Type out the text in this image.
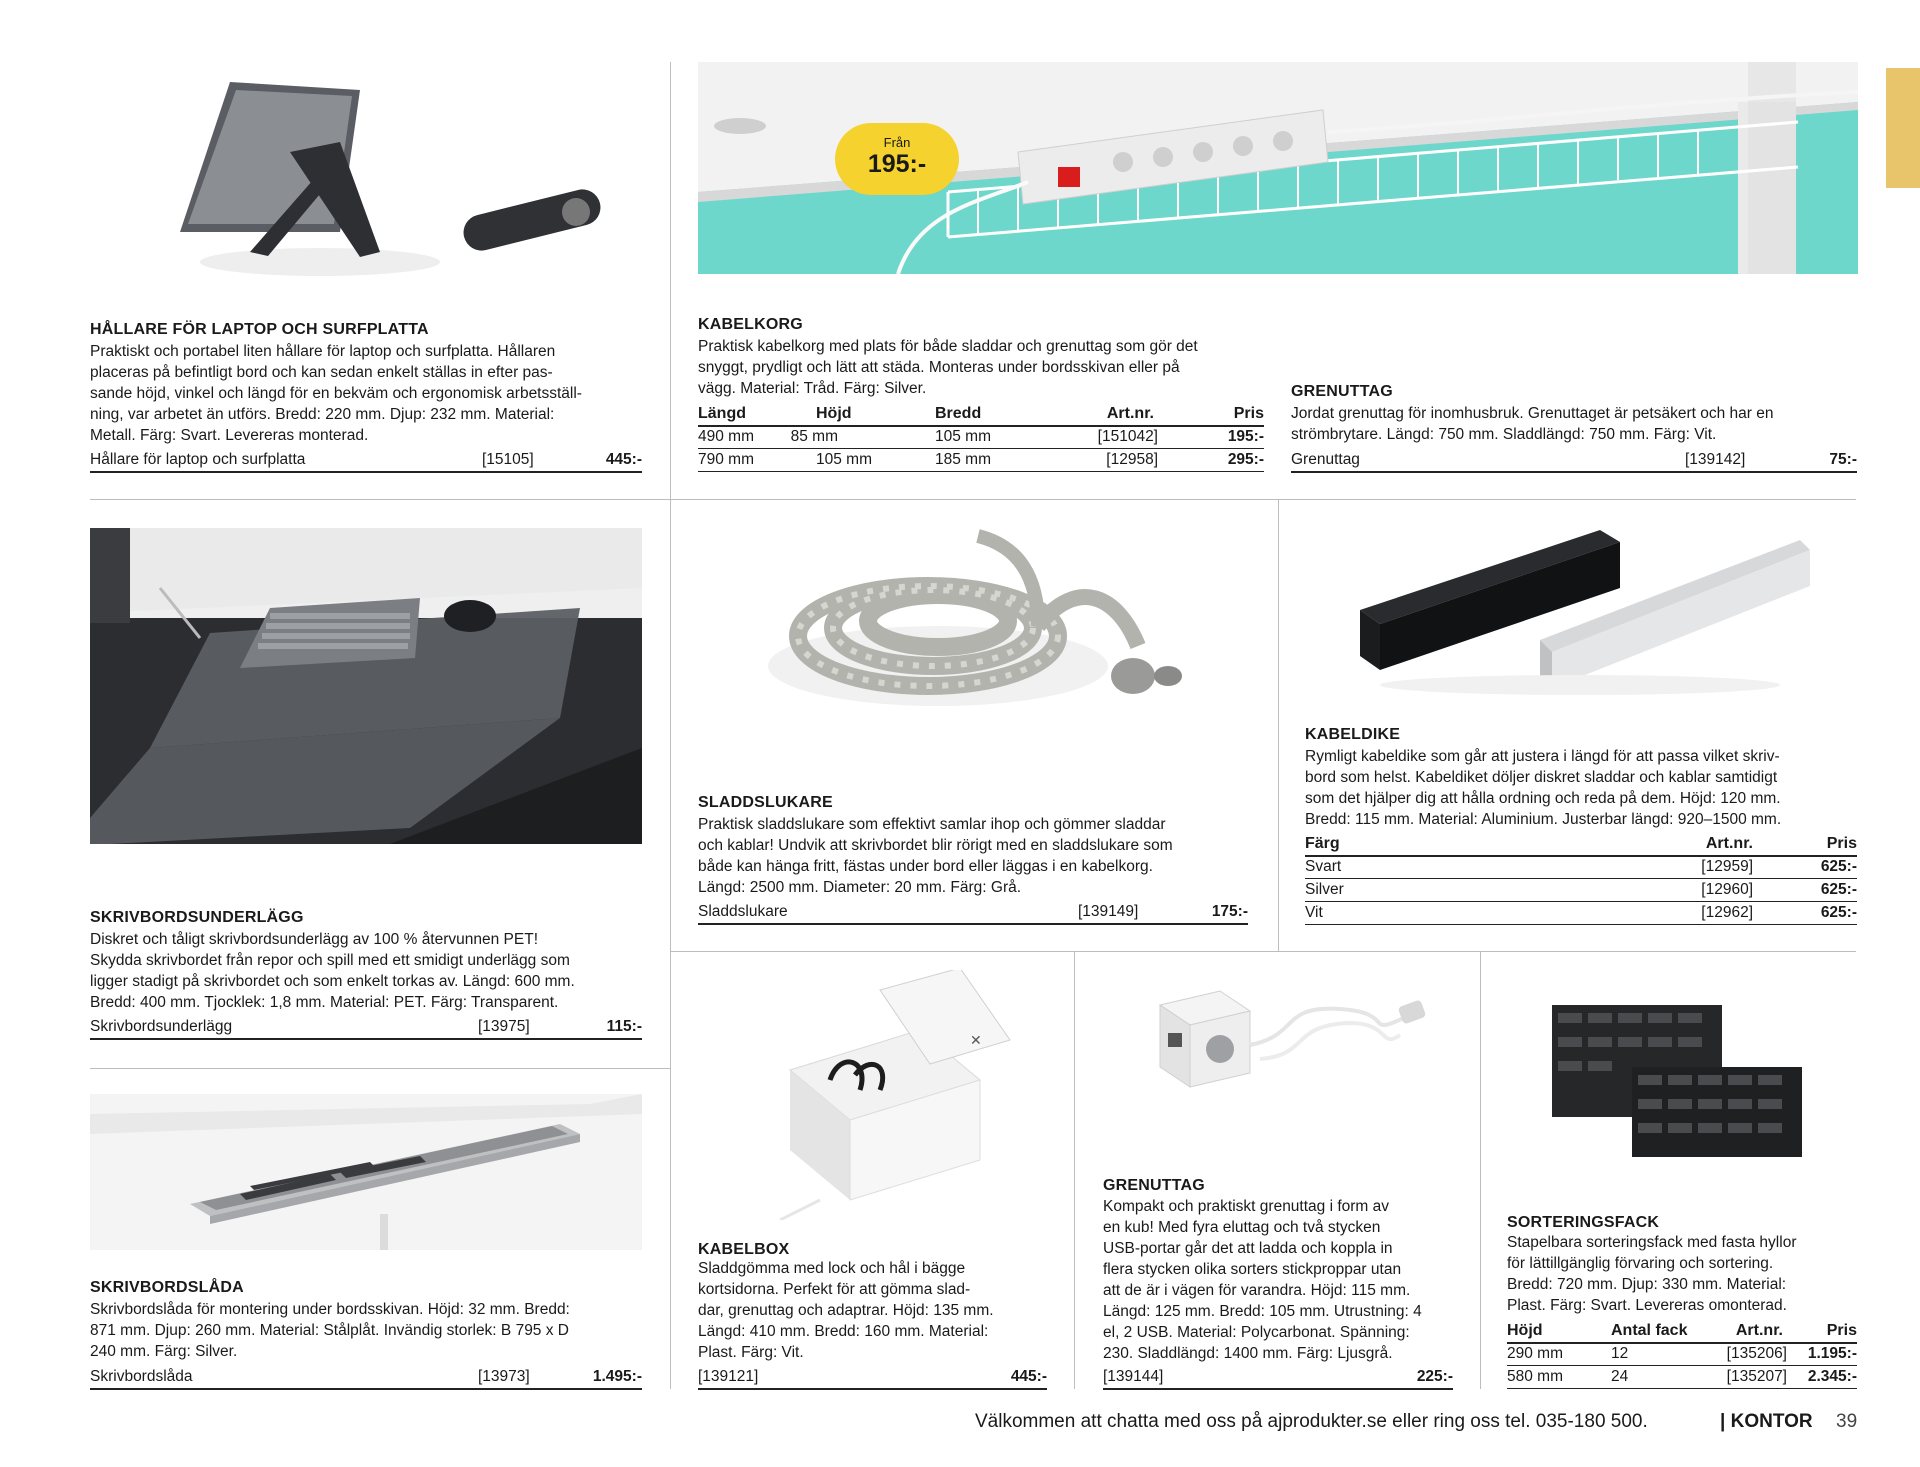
HÅLLARE FÖR LAPTOP OCH SURFPLATTA
Praktiskt och portabel liten hållare för laptop och surfplatta. Hållaren
placeras på befintligt bord och kan sedan enkelt ställas in efter pas-
sande höjd, vinkel och längd för en bekväm och ergonomisk arbetsställ-
ning, var arbetet än utförs. Bredd: 220 mm. Djup: 232 mm. Material:
Metall. Färg: Svart. Levereras monterad.
Hållare för laptop och surfplatta	[15105]	445:-
Från
195:-
KABELKORG
Praktisk kabelkorg med plats för både sladdar och grenuttag som gör det
snyggt, prydligt och lätt att städa. Monteras under bordsskivan eller på
vägg. Material: Tråd. Färg: Silver.
Längd	Höjd	Bredd	Art.nr.	Pris
490 mm 85 mm	105 mm	[151042]	195:-
790 mm	105 mm	185 mm	[12958]	295:-
GRENUTTAG
Jordat grenuttag för inomhusbruk. Grenuttaget är petsäkert och har en
strömbrytare. Längd: 750 mm. Sladdlängd: 750 mm. Färg: Vit.
Grenuttag	[139142]	75:-
SKRIVBORDSUNDERLÄGG
Diskret och tåligt skrivbordsunderlägg av 100 % återvunnen PET!
Skydda skrivbordet från repor och spill med ett smidigt underlägg som
ligger stadigt på skrivbordet och som enkelt torkas av. Längd: 600 mm.
Bredd: 400 mm. Tjocklek: 1,8 mm. Material: PET. Färg: Transparent.
Skrivbordsunderlägg	[13975]	115:-
SLADDSLUKARE
Praktisk sladdslukare som effektivt samlar ihop och gömmer sladdar
och kablar! Undvik att skrivbordet blir rörigt med en sladdslukare som
både kan hänga fritt, fästas under bord eller läggas i en kabelkorg.
Längd: 2500 mm. Diameter: 20 mm. Färg: Grå.
Sladdslukare	[139149]	175:-
KABELDIKE
Rymligt kabeldike som går att justera i längd för att passa vilket skriv-
bord som helst. Kabeldiket döljer diskret sladdar och kablar samtidigt
som det hjälper dig att hålla ordning och reda på dem. Höjd: 120 mm.
Bredd: 115 mm. Material: Aluminium. Justerbar längd: 920–1500 mm.
Färg	Art.nr.	Pris
Svart	[12959]	625:-
Silver	[12960]	625:-
Vit	[12962]	625:-
SKRIVBORDSLÅDA
Skrivbordslåda för montering under bordsskivan. Höjd: 32 mm. Bredd:
871 mm. Djup: 260 mm. Material: Stålplåt. Invändig storlek: B 795 x D
240 mm. Färg: Silver.
Skrivbordslåda	[13973]	1.495:-
✕
KABELBOX
Sladdgömma med lock och hål i bägge
kortsidorna. Perfekt för att gömma slad-
dar, grenuttag och adaptrar. Höjd: 135 mm.
Längd: 410 mm. Bredd: 160 mm. Material:
Plast. Färg: Vit.
[139121]	445:-
GRENUTTAG
Kompakt och praktiskt grenuttag i form av
en kub! Med fyra eluttag och två stycken
USB-portar går det att ladda och koppla in
flera stycken olika sorters stickproppar utan
att de är i vägen för varandra. Höjd: 115 mm.
Längd: 125 mm. Bredd: 105 mm. Utrustning: 4
el, 2 USB. Material: Polycarbonat. Spänning:
230. Sladdlängd: 1400 mm. Färg: Ljusgrå.
[139144]	225:-
SORTERINGSFACK
Stapelbara sorteringsfack med fasta hyllor
för lättillgänglig förvaring och sortering.
Bredd: 720 mm. Djup: 330 mm. Material:
Plast. Färg: Svart. Levereras omonterad.
Höjd	Antal fack	Art.nr.	Pris
290 mm	12	[135206] 1.195:-
580 mm	24	[135207] 2.345:-
Välkommen att chatta med oss på ajprodukter.se eller ring oss tel. 035-180 500.	| KONTOR 39
